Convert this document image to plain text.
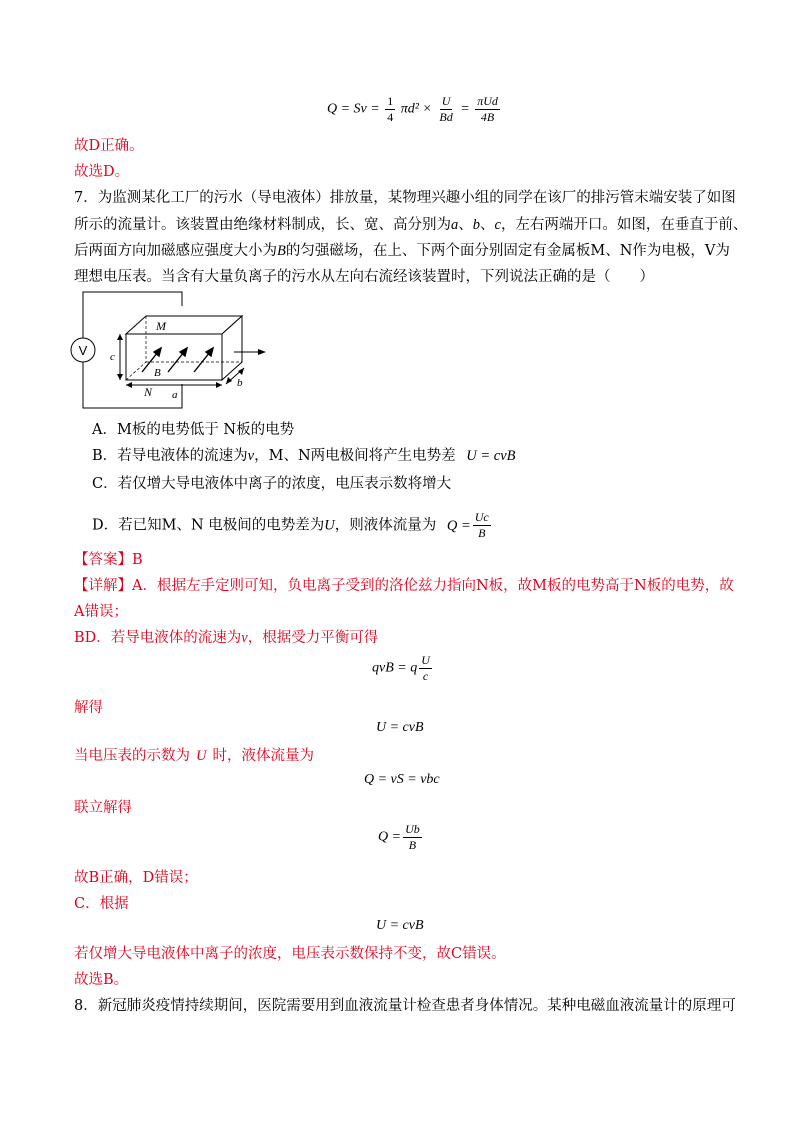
$Q = Sv = \frac{1}{4} \pi d^2 \times \frac{U}{Bd} = \frac{\text{πUd}}{4B}$
故D正确。
故选D。
7．为监测某化工厂的污水（导电液体）排放量，某物理兴趣小组的同学在该厂的排污管末端安装了如图
所示的流量计。该装置由绝缘材料制成，长、宽、高分别为a、b、c，左右两端开口。如图，在垂直于前、
后两面方向加磁感应强度大小为B的匀强磁场，在上、下两个面分别固定有金属板M、N作为电极，V为
理想电压表。当含有大量负离子的污水从左向右流经该装置时，下列说法正确的是（　　）
V
M
B
c
a
N
b
A．M板的电势低于 N板的电势
B．若导电液体的流速为v，M、N两电极间将产生电势差 U = cvB
C．若仅增大导电液体中离子的浓度，电压表示数将增大
D．若已知M、N 电极间的电势差为U，则液体流量为 $Q = \frac{Uc}{B}$
【答案】B
【详解】A．根据左手定则可知，负电离子受到的洛伦兹力指向N板，故M板的电势高于N板的电势，故
A错误；
BD．若导电液体的流速为v，根据受力平衡可得
qvB = q $\frac{U}{c}$
解得
U = cvB
当电压表的示数为 U 时，液体流量为
Q = vS = vbc
联立解得
$Q = \frac{Ub}{B}$
故B正确，D错误；
C．根据
U = cvB
若仅增大导电液体中离子的浓度，电压表示数保持不变，故C错误。
故选B。
8．新冠肺炎疫情持续期间，医院需要用到血液流量计检查患者身体情况。某种电磁血液流量计的原理可
